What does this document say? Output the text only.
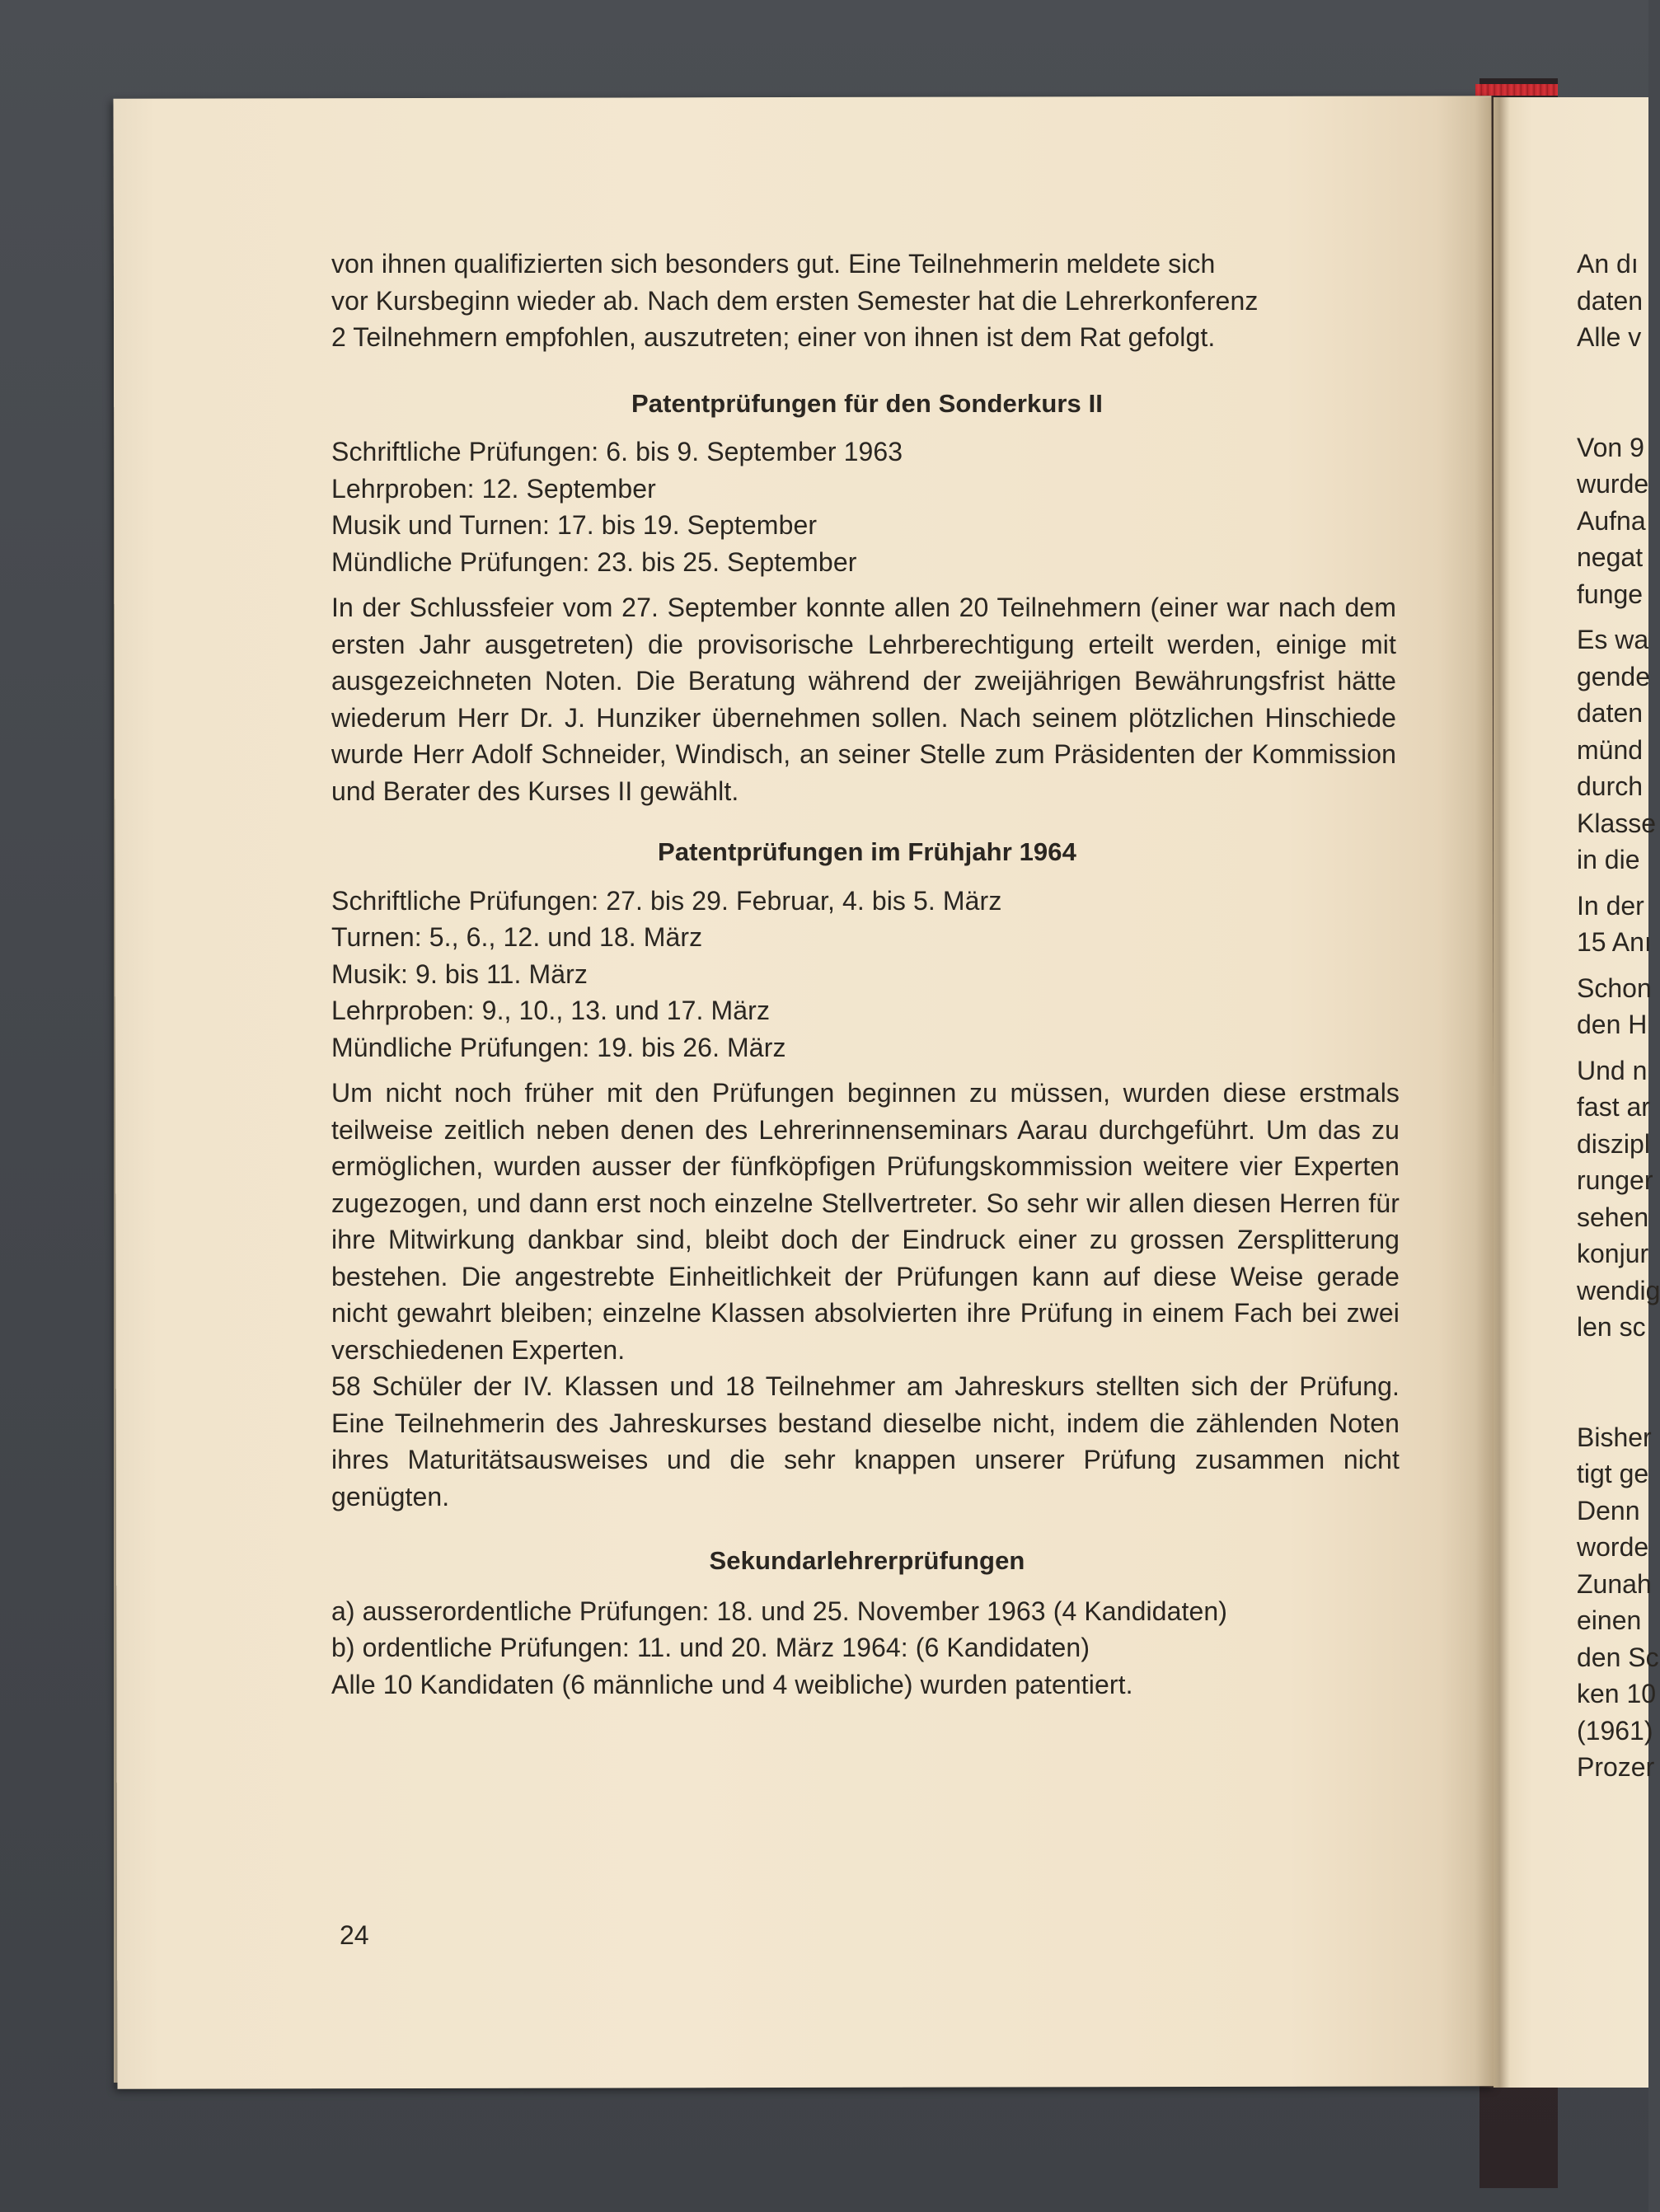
von ihnen qualifizierten sich besonders gut. Eine Teilnehmerin meldete sich
vor Kursbeginn wieder ab. Nach dem ersten Semester hat die Lehrerkonferenz
2 Teilnehmern empfohlen, auszutreten; einer von ihnen ist dem Rat gefolgt.

Patentprüfungen für den Sonderkurs II
Schriftliche Prüfungen: 6. bis 9. September 1963
Lehrproben: 12. September
Musik und Turnen: 17. bis 19. September
Mündliche Prüfungen: 23. bis 25. September

In der Schlussfeier vom 27. September konnte allen 20 Teilnehmern (einer war nach dem ersten Jahr ausgetreten) die provisorische Lehrberechtigung erteilt werden, einige mit ausgezeichneten Noten. Die Beratung während der zweijährigen Bewährungsfrist hätte wiederum Herr Dr. J. Hunziker übernehmen sollen. Nach seinem plötzlichen Hinschiede wurde Herr Adolf Schneider, Windisch, an seiner Stelle zum Präsidenten der Kommission und Berater des Kurses II gewählt.

Patentprüfungen im Frühjahr 1964
Schriftliche Prüfungen: 27. bis 29. Februar, 4. bis 5. März
Turnen: 5., 6., 12. und 18. März
Musik: 9. bis 11. März
Lehrproben: 9., 10., 13. und 17. März
Mündliche Prüfungen: 19. bis 26. März

Um nicht noch früher mit den Prüfungen beginnen zu müssen, wurden diese erstmals teilweise zeitlich neben denen des Lehrerinnenseminars Aarau durchgeführt. Um das zu ermöglichen, wurden ausser der fünfköpfigen Prüfungskommission weitere vier Experten zugezogen, und dann erst noch einzelne Stellvertreter. So sehr wir allen diesen Herren für ihre Mitwirkung dankbar sind, bleibt doch der Eindruck einer zu grossen Zersplitterung bestehen. Die angestrebte Einheitlichkeit der Prüfungen kann auf diese Weise gerade nicht gewahrt bleiben; einzelne Klassen absolvierten ihre Prüfung in einem Fach bei zwei verschiedenen Experten.

58 Schüler der IV. Klassen und 18 Teilnehmer am Jahreskurs stellten sich der Prüfung. Eine Teilnehmerin des Jahreskurses bestand dieselbe nicht, indem die zählenden Noten ihres Maturitätsausweises und die sehr knappen unserer Prüfung zusammen nicht genügten.

Sekundarlehrerprüfungen
a) ausserordentliche Prüfungen: 18. und 25. November 1963 (4 Kandidaten)
b) ordentliche Prüfungen: 11. und 20. März 1964: (6 Kandidaten)
Alle 10 Kandidaten (6 männliche und 4 weibliche) wurden patentiert.
24
An dı
daten
Alle v
Von 9
wurde
Aufna
negat
funge
Es wa
gende
daten
münd
durch
Klasse
in die
In der
15 Anı
Schon
den H
Und n
fast ar
diszipl
runger
sehen
konjur
wendig
len sc
Bisher
tigt ge
Denn
worde
Zunah
einen
den Sc
ken 10
(1961)
Prozer
